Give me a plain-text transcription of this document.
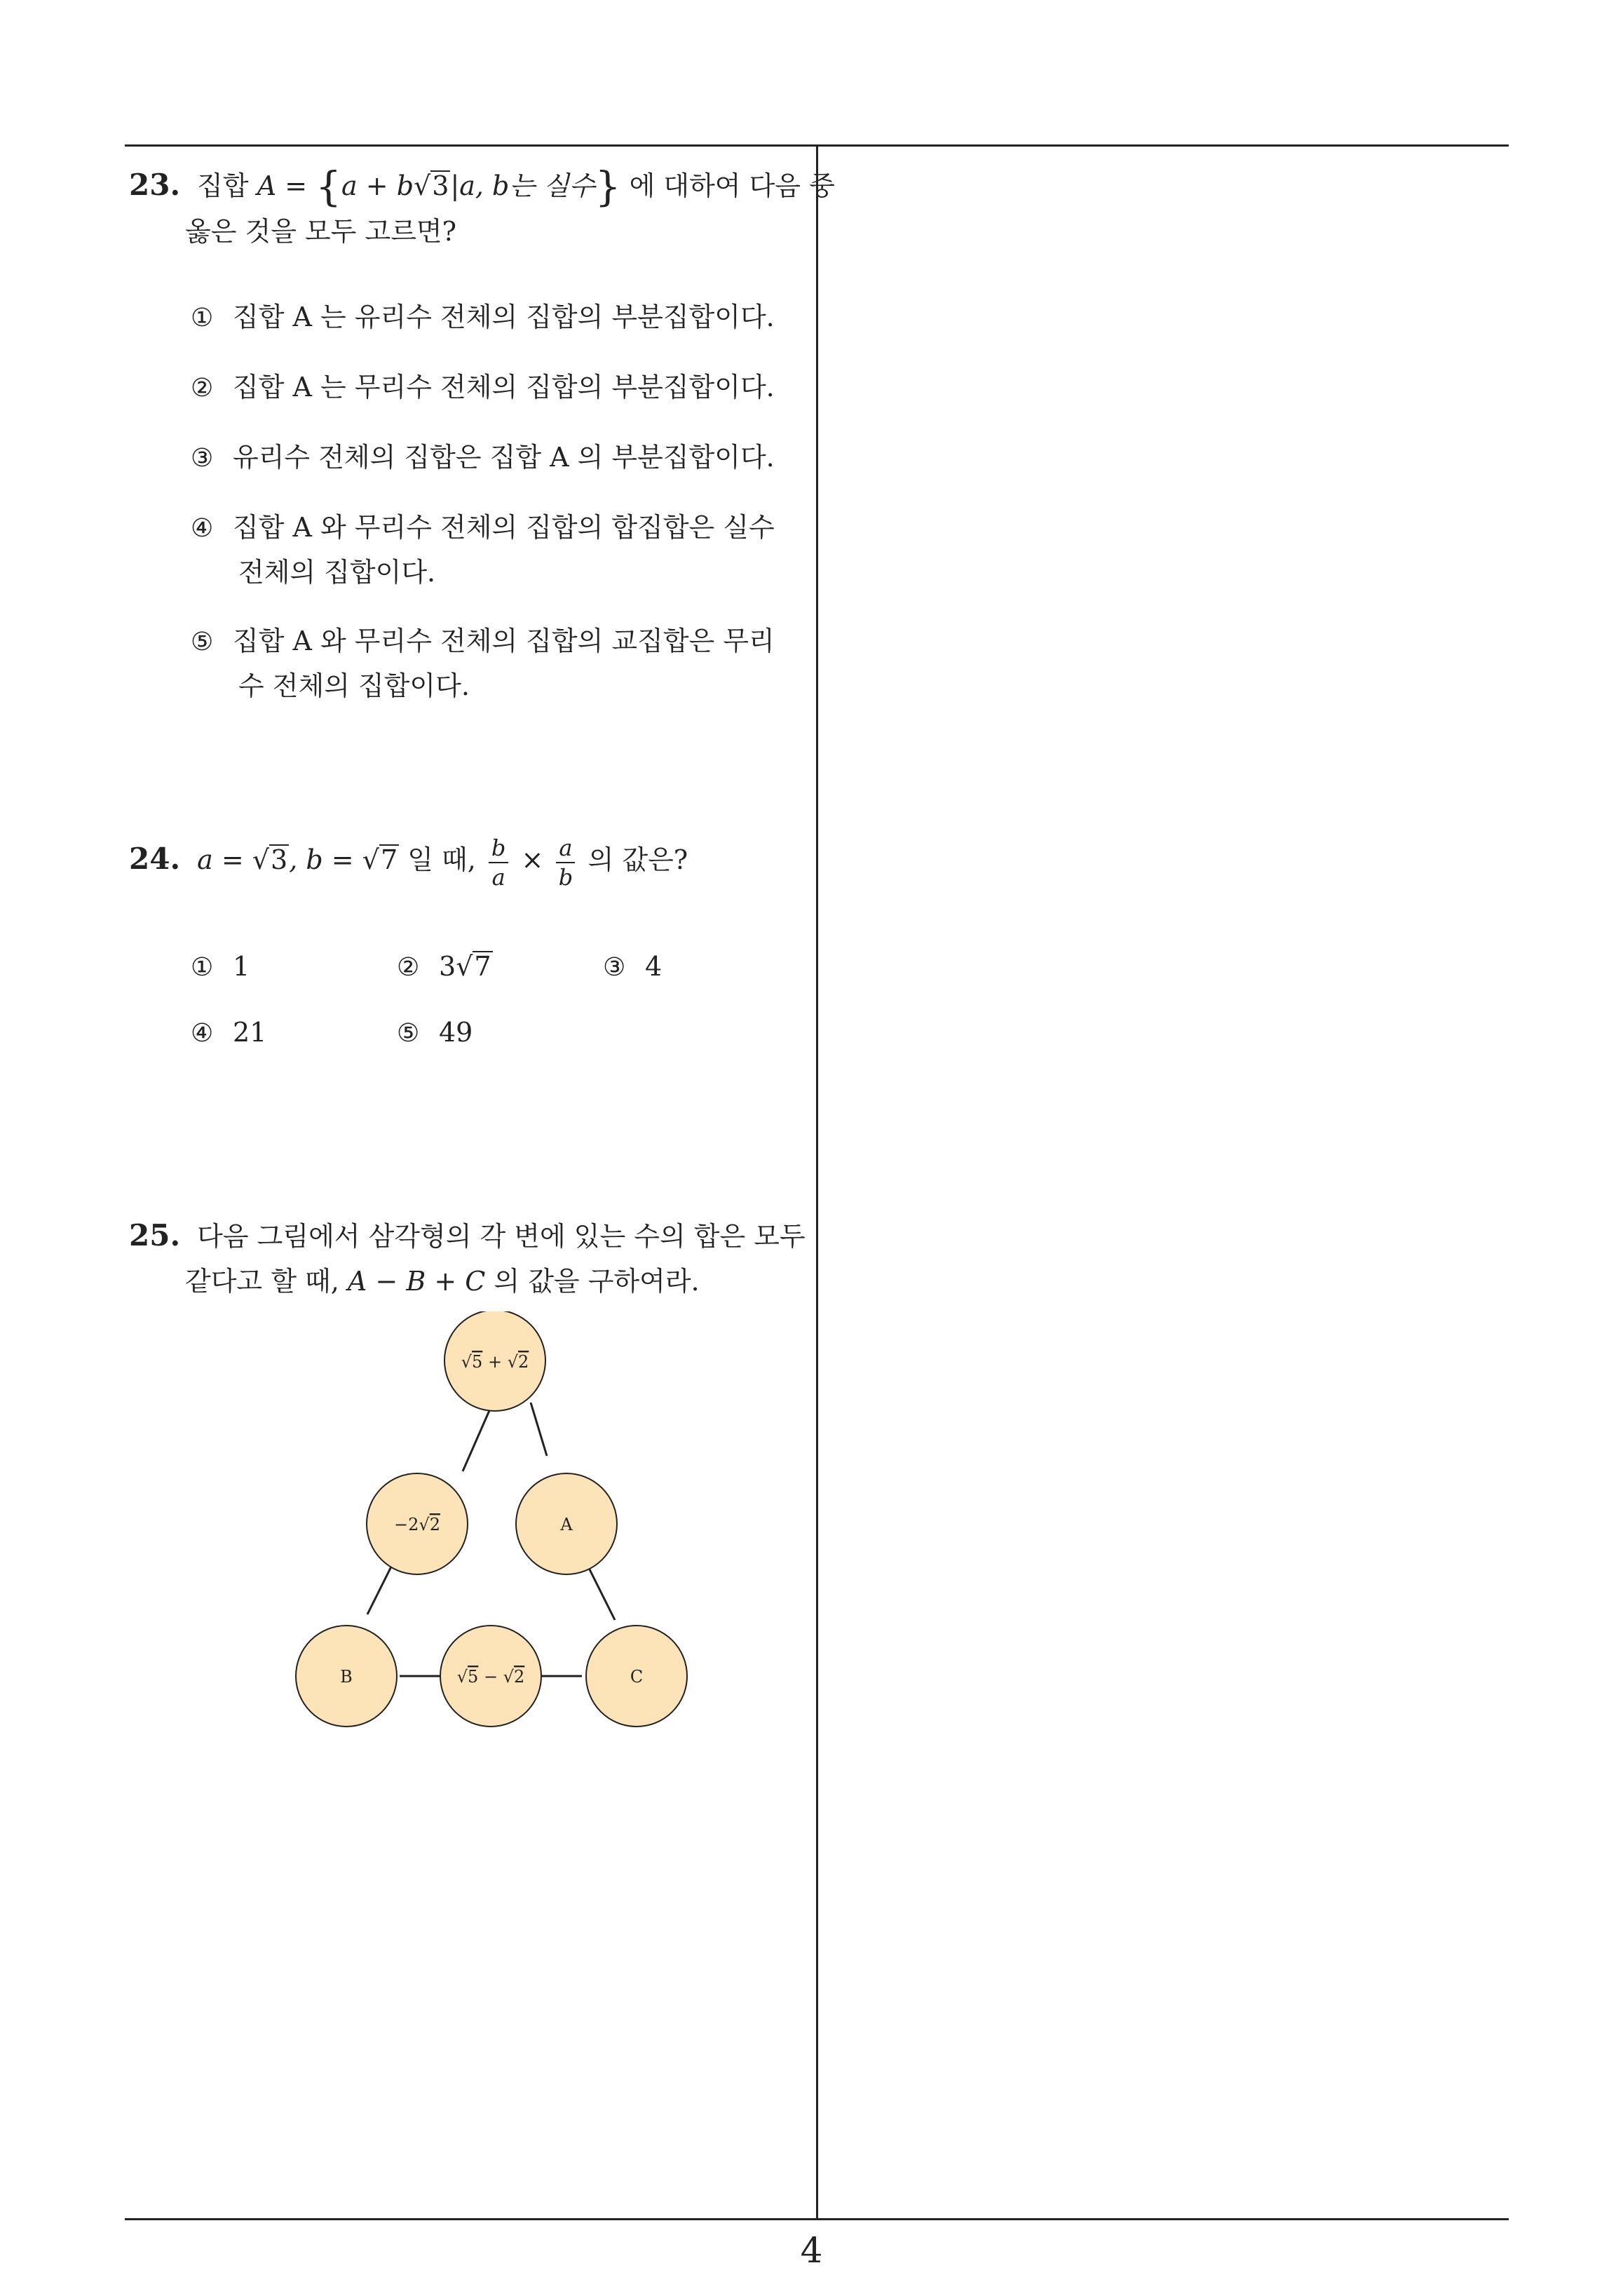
23. 집합 A = {a + b√3|a, b는 실수} 에 대하여 다음 중
옳은 것을 모두 고르면?
① 집합 A 는 유리수 전체의 집합의 부분집합이다.
② 집합 A 는 무리수 전체의 집합의 부분집합이다.
③ 유리수 전체의 집합은 집합 A 의 부분집합이다.
④ 집합 A 와 무리수 전체의 집합의 합집합은 실수
전체의 집합이다.
⑤ 집합 A 와 무리수 전체의 집합의 교집합은 무리
수 전체의 집합이다.
24. a = √3, b = √7 일 때, $\frac{b}{a} \times \frac{a}{b}$ 의 값은?
① 1	② 3√7	③ 4
④ 21	⑤ 49
25. 다음 그림에서 삼각형의 각 변에 있는 수의 합은 모두
같다고 할 때, A − B + C 의 값을 구하여라.
√5 + √2
−2√2	A
B	√5 − √2	C
4
